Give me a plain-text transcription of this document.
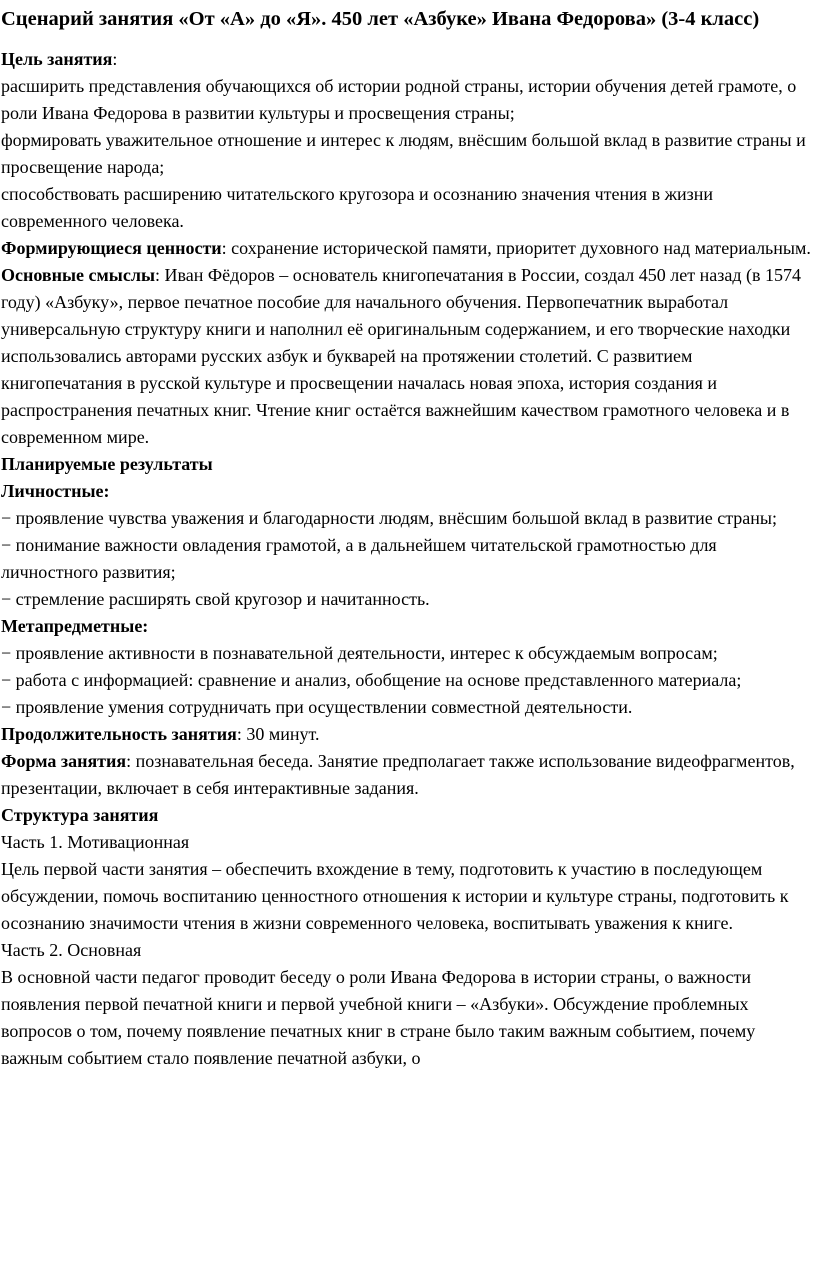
Сценарий занятия «От «А» до «Я». 450 лет «Азбуке» Ивана Федорова» (3-4 класс)

Цель занятия:

расширить представления обучающихся об истории родной страны, истории обучения детей грамоте, о роли Ивана Федорова в развитии культуры и просвещения страны;

формировать уважительное отношение и интерес к людям, внёсшим большой вклад в развитие страны и просвещение народа;

способствовать расширению читательского кругозора и осознанию значения чтения в жизни современного человека.

Формирующиеся ценности: сохранение исторической памяти, приоритет духовного над материальным.

Основные смыслы: Иван Фёдоров – основатель книгопечатания в России, создал 450 лет назад (в 1574 году) «Азбуку», первое печатное пособие для начального обучения. Первопечатник выработал универсальную структуру книги и наполнил её оригинальным содержанием, и его творческие находки использовались авторами русских азбук и букварей на протяжении столетий. С развитием книгопечатания в русской культуре и просвещении началась новая эпоха, история создания и распространения печатных книг. Чтение книг остаётся важнейшим качеством грамотного человека и в современном мире.

Планируемые результаты

Личностные:

− проявление чувства уважения и благодарности людям, внёсшим большой вклад в развитие страны;

− понимание важности овладения грамотой, а в дальнейшем читательской грамотностью для личностного развития;

− стремление расширять свой кругозор и начитанность.

Метапредметные:

− проявление активности в познавательной деятельности, интерес к обсуждаемым вопросам;

− работа с информацией: сравнение и анализ, обобщение на основе представленного материала;

− проявление умения сотрудничать при осуществлении совместной деятельности.

Продолжительность занятия: 30 минут.

Форма занятия: познавательная беседа. Занятие предполагает также использование видеофрагментов, презентации, включает в себя интерактивные задания.

Структура занятия

Часть 1. Мотивационная

Цель первой части занятия – обеспечить вхождение в тему, подготовить к участию в последующем обсуждении, помочь воспитанию ценностного отношения к истории и культуре страны, подготовить к осознанию значимости чтения в жизни современного человека, воспитывать уважения к книге.

Часть 2. Основная

В основной части педагог проводит беседу о роли Ивана Федорова в истории страны, о важности появления первой печатной книги и первой учебной книги – «Азбуки». Обсуждение проблемных вопросов о том, почему появление печатных книг в стране было таким важным событием, почему важным событием стало появление печатной азбуки, о
